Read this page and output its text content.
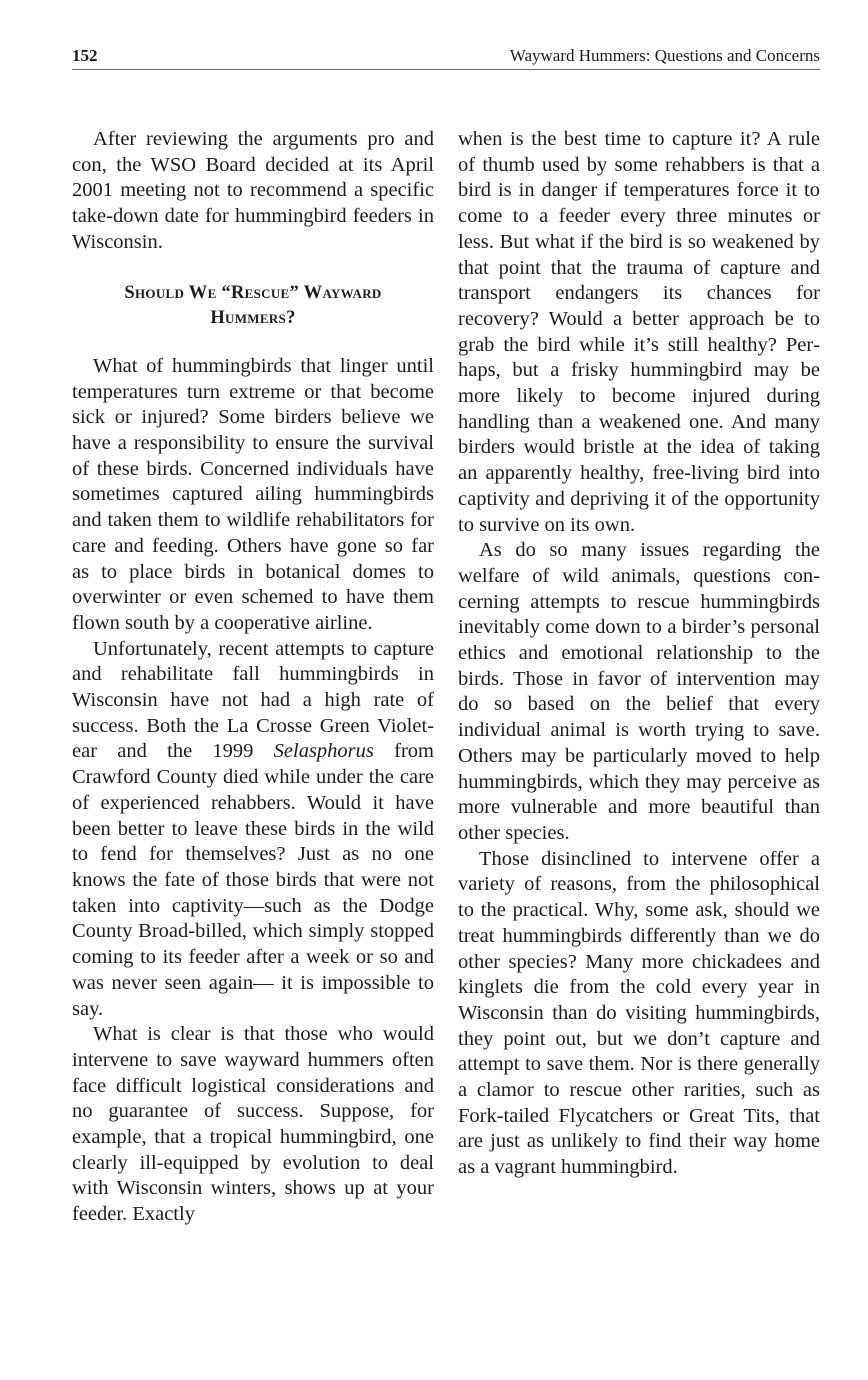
152	Wayward Hummers: Questions and Concerns

After reviewing the arguments pro and con, the WSO Board decided at its April 2001 meeting not to recommend a specific take-down date for hummingbird feeders in Wisconsin.

Should We “Rescue” Wayward
Hummers?

What of hummingbirds that linger until temperatures turn extreme or that become sick or injured? Some birders believe we have a responsibility to ensure the survival of these birds. Concerned individuals have sometimes captured ailing hummingbirds and taken them to wildlife rehabilitators for care and feeding. Others have gone so far as to place birds in botanical domes to overwinter or even schemed to have them flown south by a cooperative airline.

Unfortunately, recent attempts to capture and rehabilitate fall hummingbirds in Wisconsin have not had a high rate of success. Both the La Crosse Green Violet-ear and the 1999 Selasphorus from Crawford County died while under the care of experienced rehabbers. Would it have been better to leave these birds in the wild to fend for themselves? Just as no one knows the fate of those birds that were not taken into captivity—such as the Dodge County Broad-billed, which simply stopped coming to its feeder after a week or so and was never seen again— it is impossible to say.

What is clear is that those who would intervene to save wayward hummers often face difficult logistical considerations and no guarantee of success. Suppose, for example, that a tropical hummingbird, one clearly ill-equipped by evolution to deal with Wisconsin winters, shows up at your feeder. Exactly

when is the best time to capture it? A rule of thumb used by some rehabbers is that a bird is in danger if temperatures force it to come to a feeder every three minutes or less. But what if the bird is so weakened by that point that the trauma of capture and transport endangers its chances for recovery? Would a better approach be to grab the bird while it’s still healthy? Perhaps, but a frisky hummingbird may be more likely to become injured during handling than a weakened one. And many birders would bristle at the idea of taking an apparently healthy, free-living bird into captivity and depriving it of the opportunity to survive on its own.

As do so many issues regarding the welfare of wild animals, questions concerning attempts to rescue hummingbirds inevitably come down to a birder’s personal ethics and emotional relationship to the birds. Those in favor of intervention may do so based on the belief that every individual animal is worth trying to save. Others may be particularly moved to help hummingbirds, which they may perceive as more vulnerable and more beautiful than other species.

Those disinclined to intervene offer a variety of reasons, from the philosophical to the practical. Why, some ask, should we treat hummingbirds differently than we do other species? Many more chickadees and kinglets die from the cold every year in Wisconsin than do visiting hummingbirds, they point out, but we don’t capture and attempt to save them. Nor is there generally a clamor to rescue other rarities, such as Fork-tailed Flycatchers or Great Tits, that are just as unlikely to find their way home as a vagrant hummingbird.
